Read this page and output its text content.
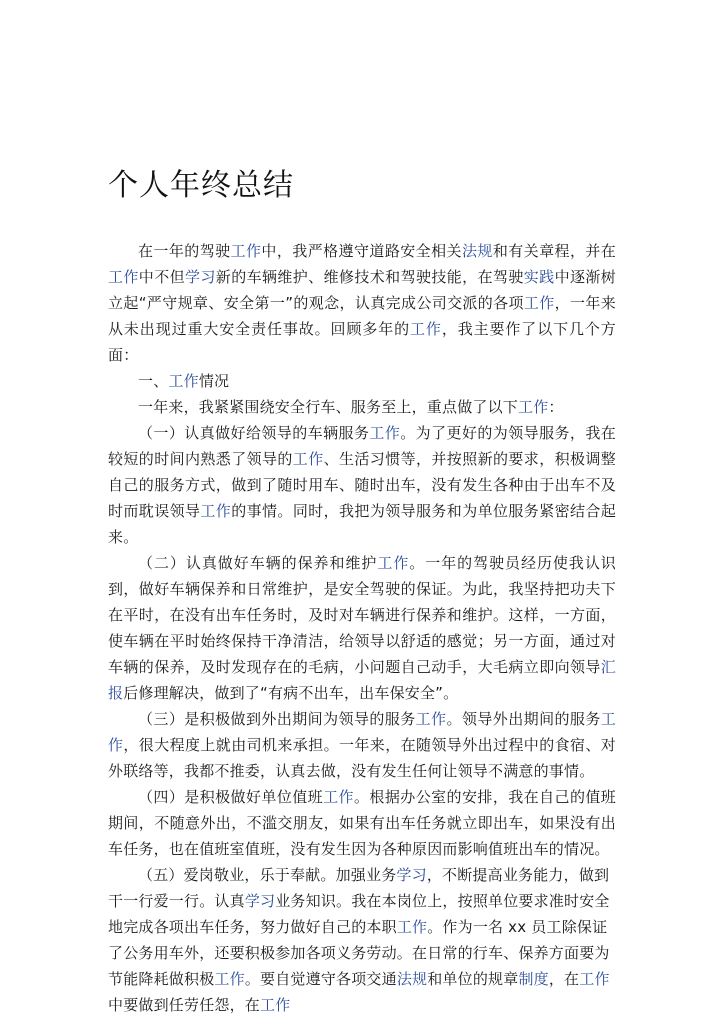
个人年终总结

在一年的驾驶工作中，我严格遵守道路安全相关法规和有关章程，并在工作中不但学习新的车辆维护、维修技术和驾驶技能，在驾驶实践中逐渐树立起“严守规章、安全第一”的观念，认真完成公司交派的各项工作，一年来从未出现过重大安全责任事故。回顾多年的工作，我主要作了以下几个方面：

一、工作情况

一年来，我紧紧围绕安全行车、服务至上，重点做了以下工作：

（一）认真做好给领导的车辆服务工作。为了更好的为领导服务，我在较短的时间内熟悉了领导的工作、生活习惯等，并按照新的要求，积极调整自己的服务方式，做到了随时用车、随时出车，没有发生各种由于出车不及时而耽误领导工作的事情。同时，我把为领导服务和为单位服务紧密结合起来。

（二）认真做好车辆的保养和维护工作。一年的驾驶员经历使我认识到，做好车辆保养和日常维护，是安全驾驶的保证。为此，我坚持把功夫下在平时，在没有出车任务时，及时对车辆进行保养和维护。这样，一方面，使车辆在平时始终保持干净清洁，给领导以舒适的感觉；另一方面，通过对车辆的保养，及时发现存在的毛病，小问题自己动手，大毛病立即向领导汇报后修理解决，做到了“有病不出车，出车保安全”。

（三）是积极做到外出期间为领导的服务工作。领导外出期间的服务工作，很大程度上就由司机来承担。一年来，在随领导外出过程中的食宿、对外联络等，我都不推委，认真去做，没有发生任何让领导不满意的事情。

（四）是积极做好单位值班工作。根据办公室的安排，我在自己的值班期间，不随意外出，不滥交朋友，如果有出车任务就立即出车，如果没有出车任务，也在值班室值班，没有发生因为各种原因而影响值班出车的情况。

（五）爱岗敬业，乐于奉献。加强业务学习，不断提高业务能力，做到干一行爱一行。认真学习业务知识。我在本岗位上，按照单位要求准时安全地完成各项出车任务，努力做好自己的本职工作。作为一名 xx 员工除保证了公务用车外，还要积极参加各项义务劳动。在日常的行车、保养方面要为节能降耗做积极工作。要自觉遵守各项交通法规和单位的规章制度，在工作中要做到任劳任怨，在工作
